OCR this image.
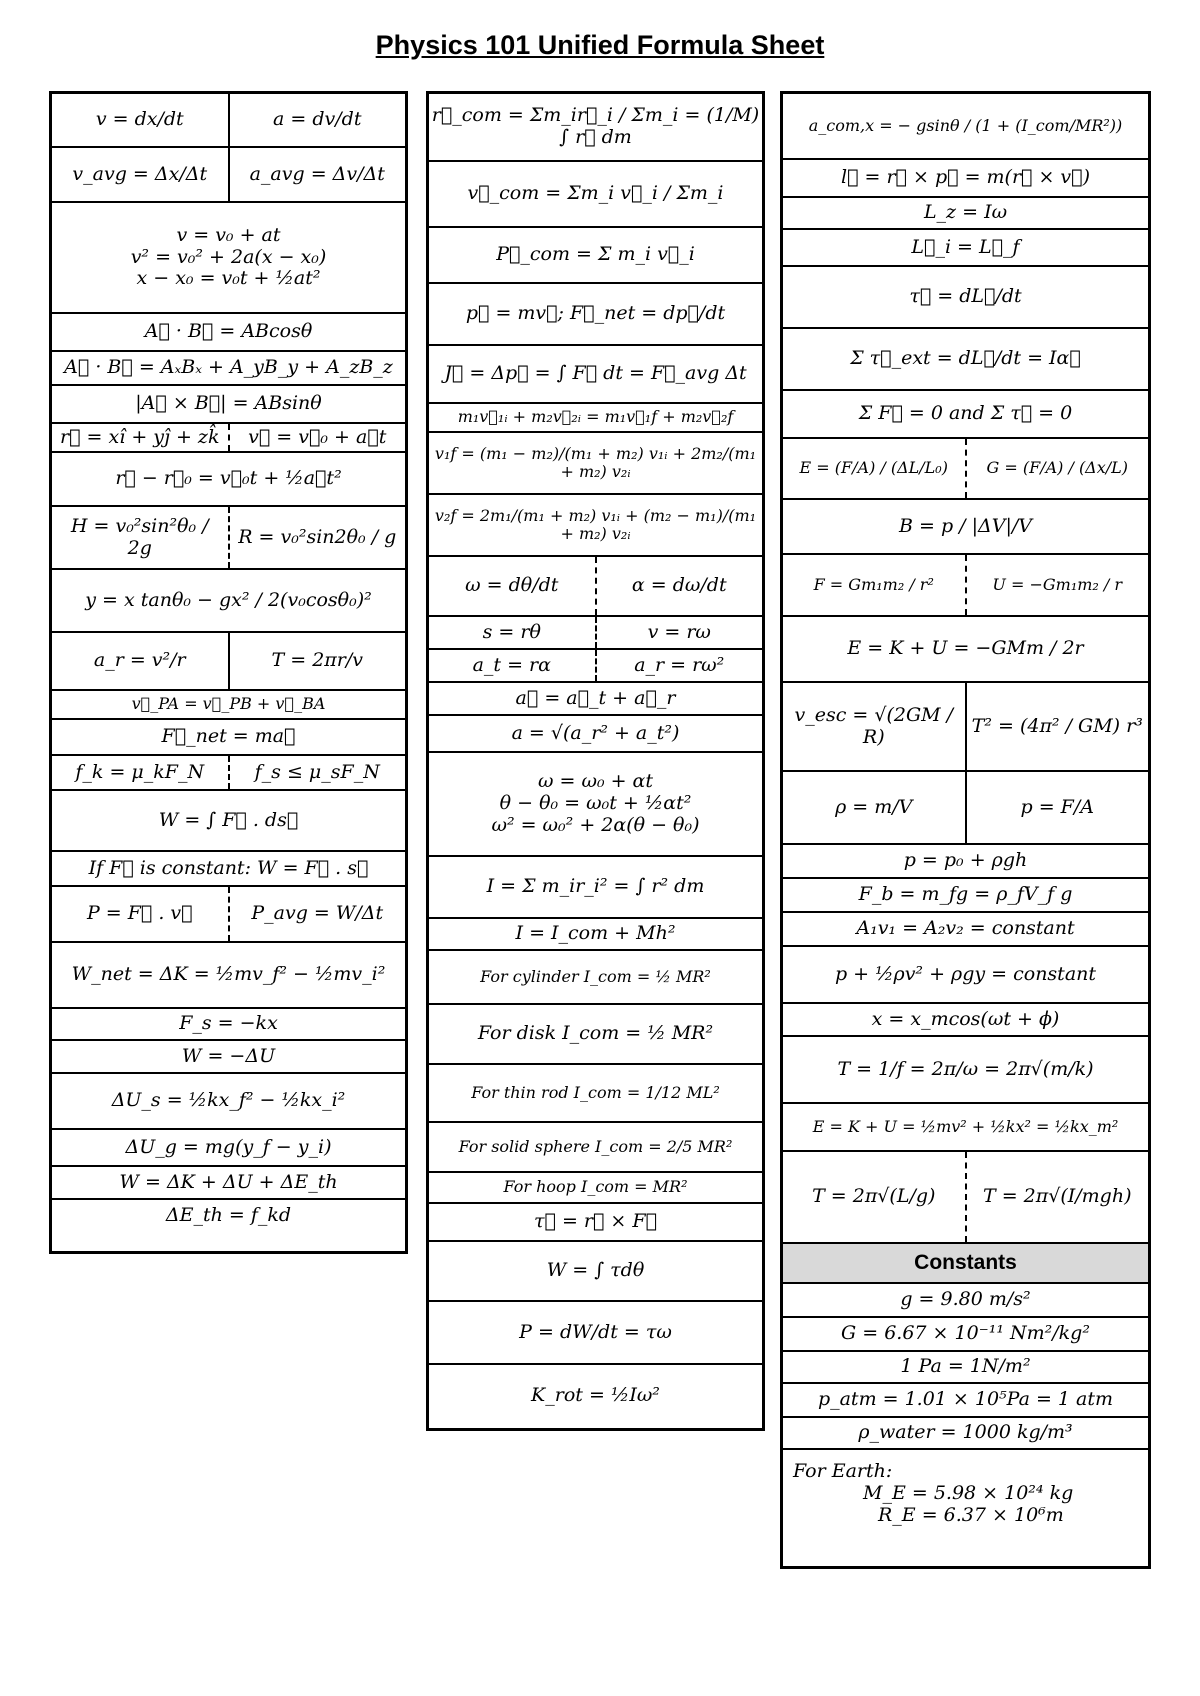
Physics 101 Unified Formula Sheet
v = dx/dt	a = dv/dt
v_avg = Δx/Δt	a_avg = Δv/Δt
v = v₀ + at
v² = v₀² + 2a(x − x₀)
x − x₀ = v₀t + ½at²
A⃗ · B⃗ = ABcosθ
A⃗ · B⃗ = AₓBₓ + A_yB_y + A_zB_z
|A⃗ × B⃗| = ABsinθ
r⃗ = xî + yĵ + zk̂	v⃗ = v⃗₀ + a⃗t
r⃗ − r⃗₀ = v⃗₀t + ½a⃗t²
H = v₀²sin²θ₀ / 2g	R = v₀²sin2θ₀ / g
y = x tanθ₀ − gx² / 2(v₀cosθ₀)²
a_r = v²/r	T = 2πr/v
v⃗_PA = v⃗_PB + v⃗_BA
F⃗_net = ma⃗
f_k = μ_kF_N	f_s ≤ μ_sF_N
W = ∫ F⃗ . ds⃗
If F⃗ is constant: W = F⃗ . s⃗
P = F⃗ . v⃗	P_avg = W/Δt
W_net = ΔK = ½mv_f² − ½mv_i²
F_s = −kx
W = −ΔU
ΔU_s = ½kx_f² − ½kx_i²
ΔU_g = mg(y_f − y_i)
W = ΔK + ΔU + ΔE_th
ΔE_th = f_kd
r⃗_com = Σm_ir⃗_i / Σm_i = (1/M) ∫ r⃗ dm
v⃗_com = Σm_i v⃗_i / Σm_i
P⃗_com = Σ m_i v⃗_i
p⃗ = mv⃗; F⃗_net = dp⃗/dt
J⃗ = Δp⃗ = ∫ F⃗ dt = F⃗_avg Δt
m₁v⃗₁ᵢ + m₂v⃗₂ᵢ = m₁v⃗₁f + m₂v⃗₂f
v₁f = (m₁ − m₂)/(m₁ + m₂) v₁ᵢ + 2m₂/(m₁ + m₂) v₂ᵢ
v₂f = 2m₁/(m₁ + m₂) v₁ᵢ + (m₂ − m₁)/(m₁ + m₂) v₂ᵢ
ω = dθ/dt	α = dω/dt
s = rθ	v = rω
a_t = rα	a_r = rω²
a⃗ = a⃗_t + a⃗_r
a = √(a_r² + a_t²)
ω = ω₀ + αt
θ − θ₀ = ω₀t + ½αt²
ω² = ω₀² + 2α(θ − θ₀)
I = Σ m_ir_i² = ∫ r² dm
I = I_com + Mh²
For cylinder I_com = ½ MR²
For disk I_com = ½ MR²
For thin rod I_com = 1/12 ML²
For solid sphere I_com = 2/5 MR²
For hoop I_com = MR²
τ⃗ = r⃗ × F⃗
W = ∫ τdθ
P = dW/dt = τω
K_rot = ½Iω²
a_com,x = − gsinθ / (1 + (I_com/MR²))
l⃗ = r⃗ × p⃗ = m(r⃗ × v⃗)
L_z = Iω
L⃗_i = L⃗_f
τ⃗ = dL⃗/dt
Σ τ⃗_ext = dL⃗/dt = Iα⃗
Σ F⃗ = 0 and Σ τ⃗ = 0
E = (F/A) / (ΔL/L₀)	G = (F/A) / (Δx/L)
B = p / |ΔV|/V
F = Gm₁m₂ / r²	U = −Gm₁m₂ / r
E = K + U = −GMm / 2r
v_esc = √(2GM / R)	T² = (4π² / GM) r³
ρ = m/V	p = F/A
p = p₀ + ρgh
F_b = m_fg = ρ_fV_f g
A₁v₁ = A₂v₂ = constant
p + ½ρv² + ρgy = constant
x = x_mcos(ωt + ϕ)
T = 1/f = 2π/ω = 2π√(m/k)
E = K + U = ½mv² + ½kx² = ½kx_m²
T = 2π√(L/g)	T = 2π√(I/mgh)
Constants
g = 9.80 m/s²
G = 6.67 × 10⁻¹¹ Nm²/kg²
1 Pa = 1N/m²
p_atm = 1.01 × 10⁵Pa = 1 atm
ρ_water = 1000 kg/m³
For Earth:
M_E = 5.98 × 10²⁴ kg
R_E = 6.37 × 10⁶m
